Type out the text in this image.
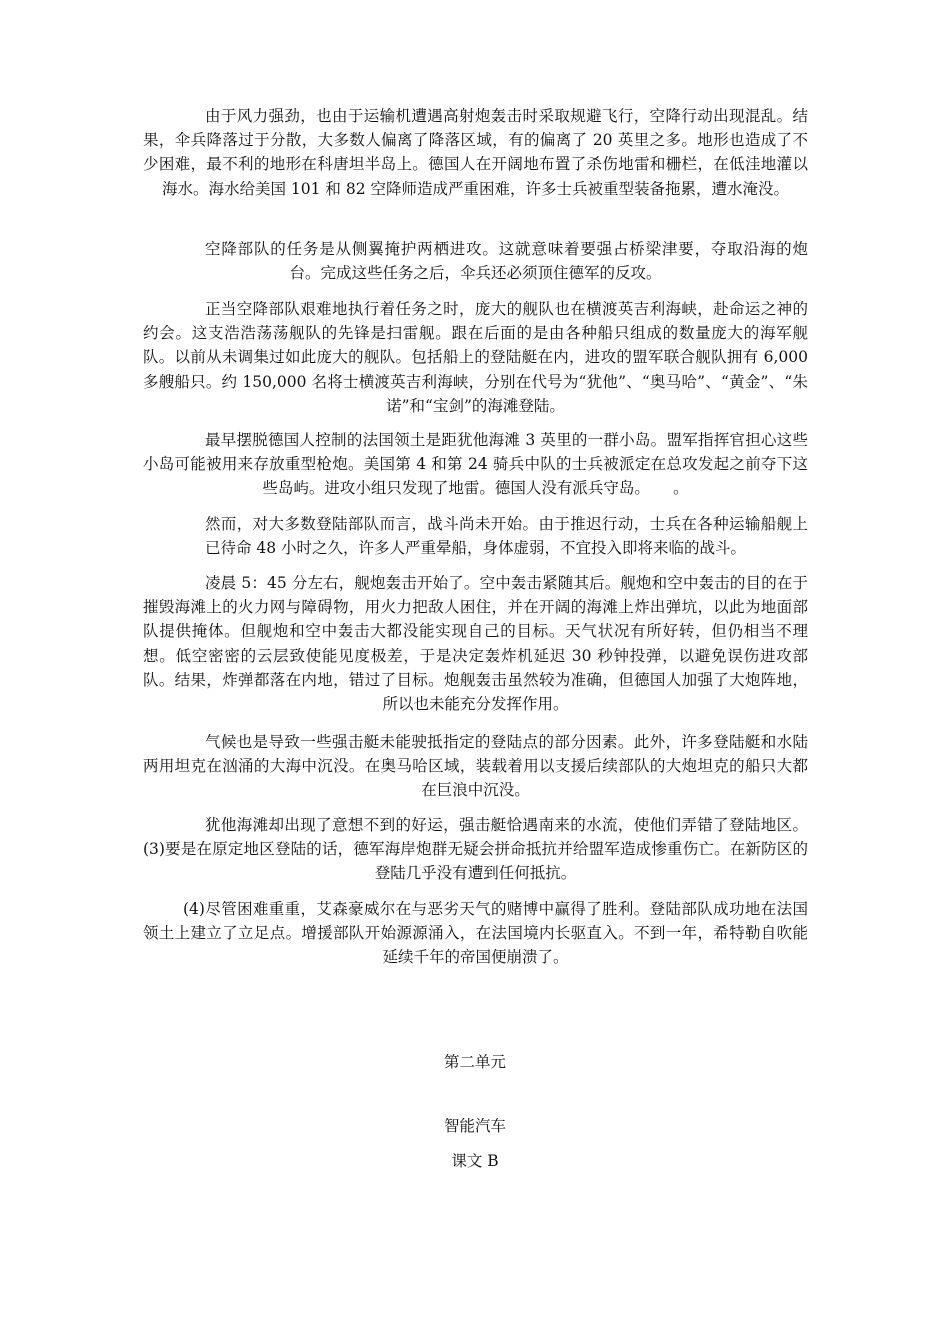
由于风力强劲，也由于运输机遭遇高射炮轰击时采取规避飞行，空降行动出现混乱。结果，伞兵降落过于分散，大多数人偏离了降落区域，有的偏离了 20 英里之多。地形也造成了不少困难，最不利的地形在科唐坦半岛上。德国人在开阔地布置了杀伤地雷和栅栏，在低洼地灌以海水。海水给美国 101 和 82 空降师造成严重困难，许多士兵被重型装备拖累，遭水淹没。

空降部队的任务是从侧翼掩护两栖进攻。这就意味着要强占桥梁津要，夺取沿海的炮台。完成这些任务之后，伞兵还必须顶住德军的反攻。

正当空降部队艰难地执行着任务之时，庞大的舰队也在横渡英吉利海峡，赴命运之神的约会。这支浩浩荡荡舰队的先锋是扫雷舰。跟在后面的是由各种船只组成的数量庞大的海军舰队。以前从未调集过如此庞大的舰队。包括船上的登陆艇在内，进攻的盟军联合舰队拥有 6,000 多艘船只。约 150,000 名将士横渡英吉利海峡，分别在代号为“犹他”、“奥马哈”、“黄金”、“朱诺”和“宝剑”的海滩登陆。

最早摆脱德国人控制的法国领土是距犹他海滩 3 英里的一群小岛。盟军指挥官担心这些小岛可能被用来存放重型枪炮。美国第 4 和第 24 骑兵中队的士兵被派定在总攻发起之前夺下这些岛屿。进攻小组只发现了地雷。德国人没有派兵守岛。　　。

然而，对大多数登陆部队而言，战斗尚未开始。由于推迟行动，士兵在各种运输船舰上已待命 48 小时之久，许多人严重晕船，身体虚弱，不宜投入即将来临的战斗。

凌晨 5：45 分左右，舰炮轰击开始了。空中轰击紧随其后。舰炮和空中轰击的目的在于摧毁海滩上的火力网与障碍物，用火力把敌人困住，并在开阔的海滩上炸出弹坑，以此为地面部队提供掩体。但舰炮和空中轰击大都没能实现自己的目标。天气状况有所好转，但仍相当不理想。低空密密的云层致使能见度极差，于是决定轰炸机延迟 30 秒钟投弹，以避免误伤进攻部队。结果，炸弹都落在内地，错过了目标。炮舰轰击虽然较为准确，但德国人加强了大炮阵地，所以也未能充分发挥作用。

气候也是导致一些强击艇未能驶抵指定的登陆点的部分因素。此外，许多登陆艇和水陆两用坦克在汹涌的大海中沉没。在奥马哈区域，装载着用以支援后续部队的大炮坦克的船只大都在巨浪中沉没。

犹他海滩却出现了意想不到的好运，强击艇恰遇南来的水流，使他们弄错了登陆地区。(3)要是在原定地区登陆的话，德军海岸炮群无疑会拼命抵抗并给盟军造成惨重伤亡。在新防区的登陆几乎没有遭到任何抵抗。

(4)尽管困难重重，艾森豪威尔在与恶劣天气的赌博中赢得了胜利。登陆部队成功地在法国领土上建立了立足点。增援部队开始源源涌入，在法国境内长驱直入。不到一年，希特勒自吹能延续千年的帝国便崩溃了。

第二单元
智能汽车
课文 B
